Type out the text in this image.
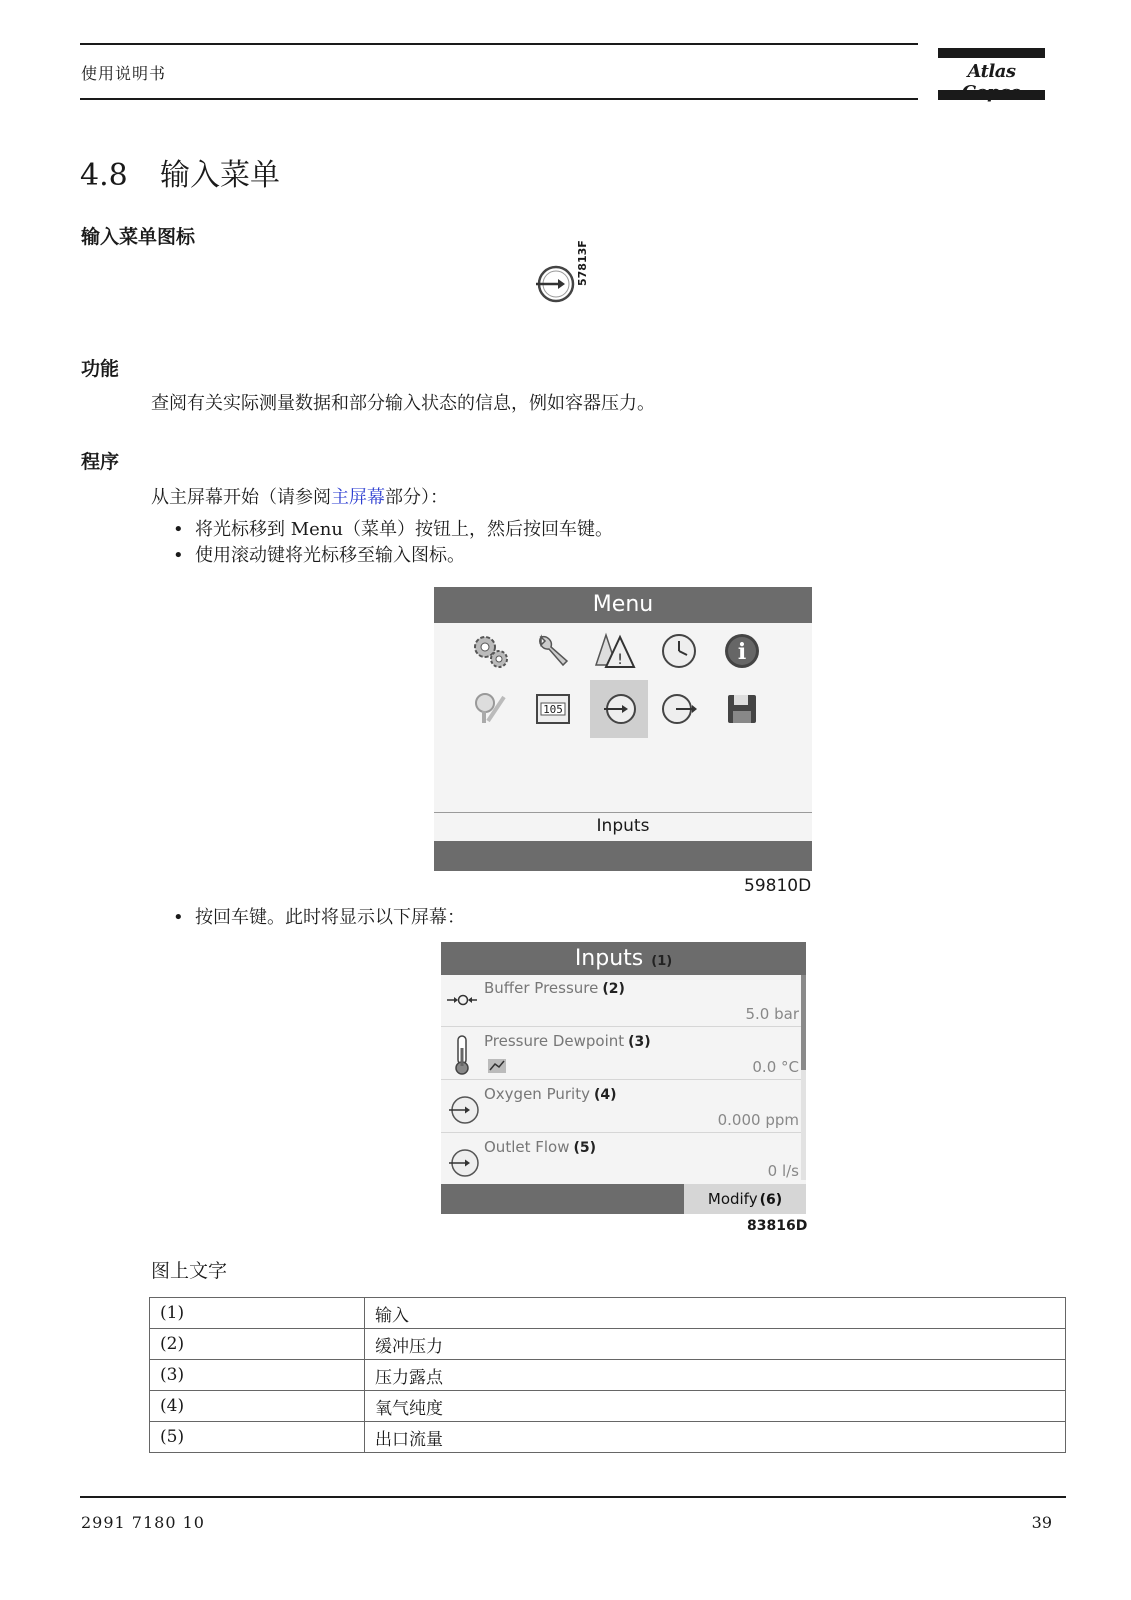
使用说明书	Atlas
4.8 输入菜单
输入菜单图标
57813F
功能
查阅有关实际测量数据和部分输入状态的信息，例如容器压力。
程序
从主屏幕开始（请参阅主屏幕部分）：
• 将光标移到 Menu（菜单）按钮上，然后按回车键。
• 使用滚动键将光标移至输入图标。
Menu
!	i
105
Inputs
59810D
• 按回车键。此时将显示以下屏幕：
Inputs (1)
Buffer Pressure (2)
5.0 bar
Pressure Dewpoint (3)
0.0 °C
Oxygen Purity (4)
0.000 ppm
Outlet Flow (5)
0 l/s
Modify (6)
83816D
图上文字
(1)	输入
(2)	缓冲压力
(3)	压力露点
(4)	氧气纯度
(5)	出口流量
2991 7180 10	39
